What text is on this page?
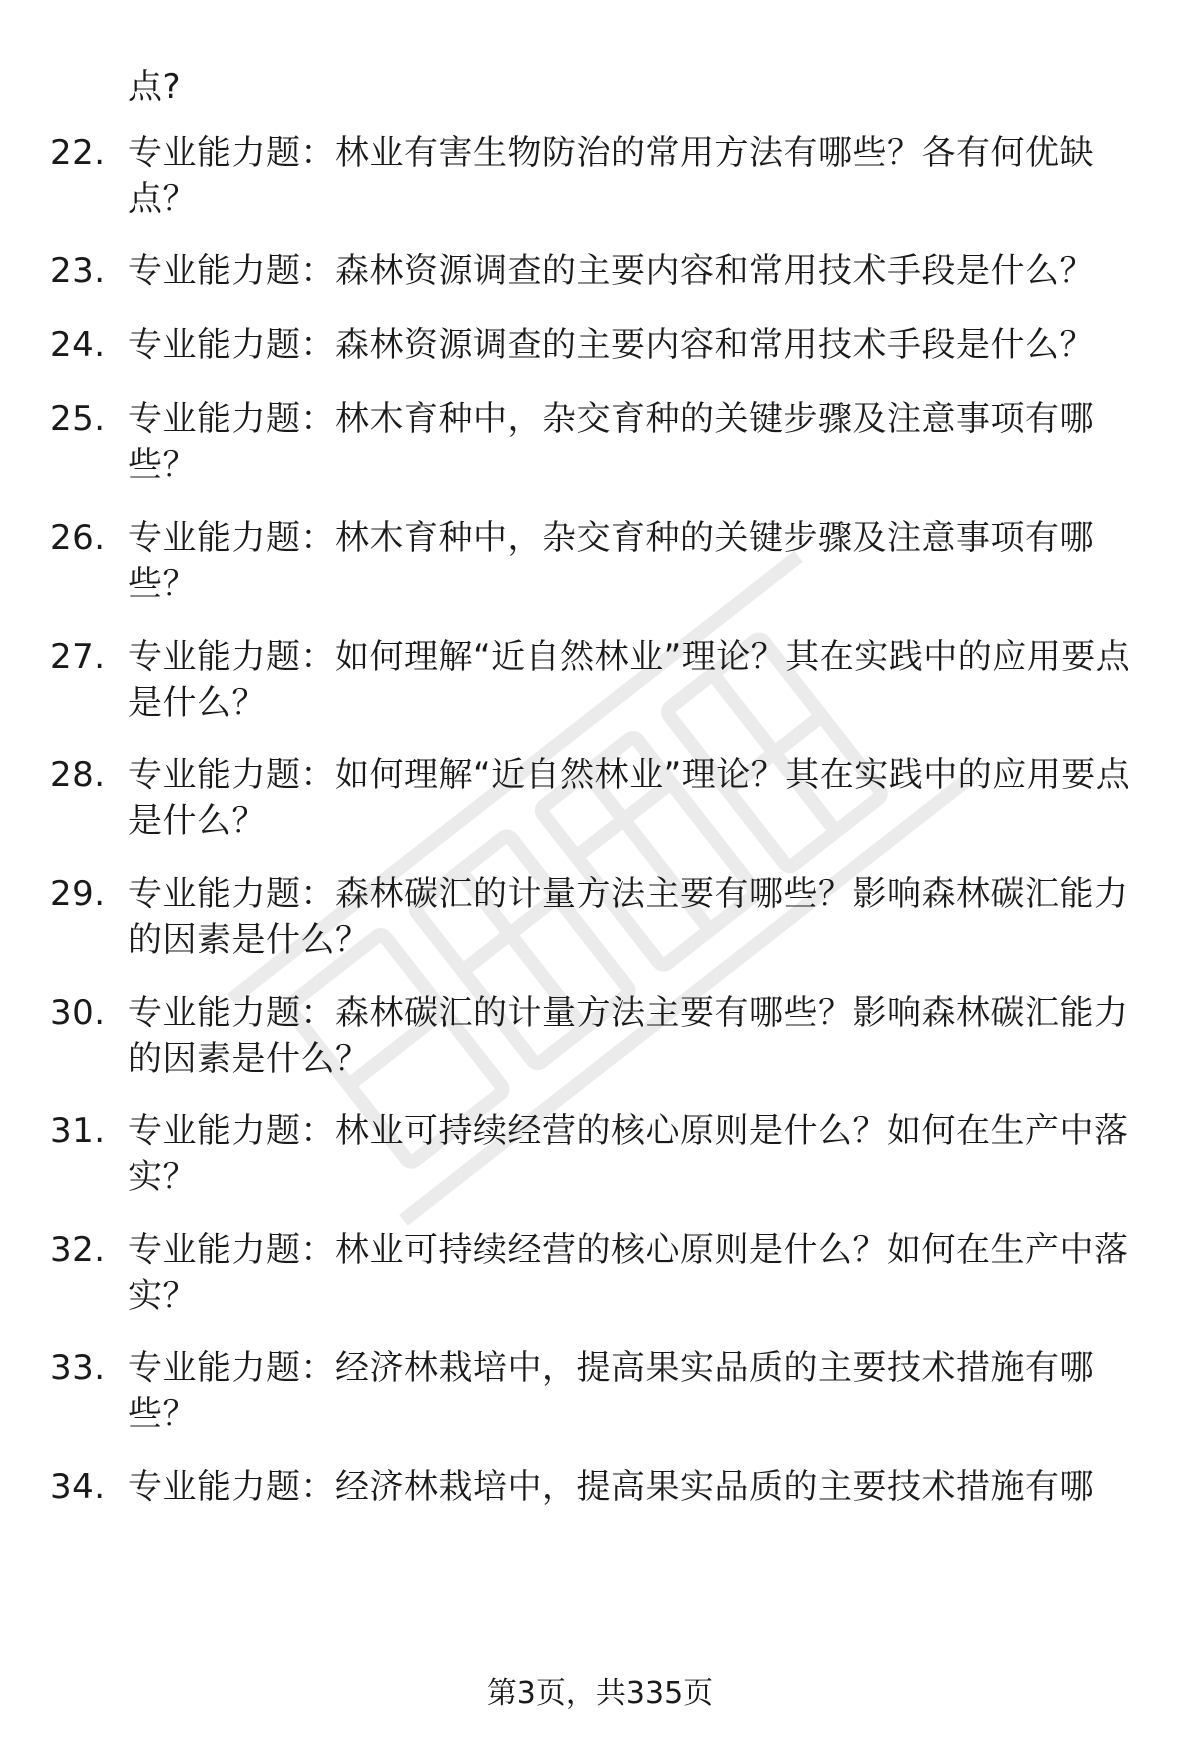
点?
22. 专业能力题：林业有害生物防治的常用方法有哪些？各有何优缺点？
23. 专业能力题：森林资源调查的主要内容和常用技术手段是什么？
24. 专业能力题：森林资源调查的主要内容和常用技术手段是什么？
25. 专业能力题：林木育种中，杂交育种的关键步骤及注意事项有哪些？
26. 专业能力题：林木育种中，杂交育种的关键步骤及注意事项有哪些？
27. 专业能力题：如何理解“近自然林业”理论？其在实践中的应用要点是什么？
28. 专业能力题：如何理解“近自然林业”理论？其在实践中的应用要点是什么？
29. 专业能力题：森林碳汇的计量方法主要有哪些？影响森林碳汇能力的因素是什么？
30. 专业能力题：森林碳汇的计量方法主要有哪些？影响森林碳汇能力的因素是什么？
31. 专业能力题：林业可持续经营的核心原则是什么？如何在生产中落实？
32. 专业能力题：林业可持续经营的核心原则是什么？如何在生产中落实？
33. 专业能力题：经济林栽培中，提高果实品质的主要技术措施有哪些？
34. 专业能力题：经济林栽培中，提高果实品质的主要技术措施有哪
第3页，共335页
